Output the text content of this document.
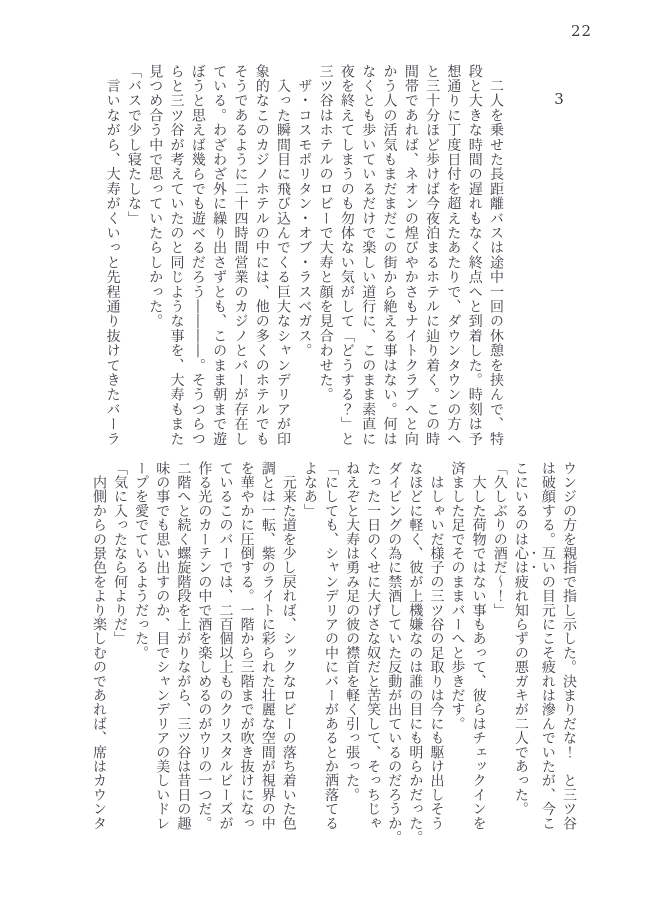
22
3

　二人を乗せた長距離バスは途中一回の休憩を挟んで、特

段と大きな時間の遅れもなく終点へと到着した。時刻は予

想通りに丁度日付を超えたあたりで、ダウンタウンの方へ

と三十分ほど歩けば今夜泊まるホテルに辿り着く。この時

間帯であれば、ネオンの煌びやかさもナイトクラブへと向

かう人の活気もまだまだこの街から絶える事はない。何は

なくとも歩いているだけで楽しい道行に、このまま素直に

夜を終えてしまうのも勿体ない気がして「どうする？」と

三ツ谷はホテルのロビーで大寿と顔を見合わせた。

　ザ・コスモポリタン・オブ・ラスベガス。

　入った瞬間目に飛び込んでくる巨大なシャンデリアが印

象的なこのカジノホテルの中には、他の多くのホテルでも

そうであるように二十四時間営業のカジノとバーが存在し

ている。わざわざ外に繰り出さずとも、このまま朝まで遊

ぼうと思えば幾らでも遊べるだろう――――。そうつらつ

らと三ツ谷が考えていたのと同じような事を、大寿もまた

見つめ合う中で思っていたらしかった。

「バスで少し寝たしな」

　言いながら、大寿がくいっと先程通り抜けてきたバーラ

ウンジの方を親指で指し示した。決まりだな！　と三ツ谷

は破顔する。互いの目元にこそ疲れは滲んでいたが、今こ

こにいるのは心は疲れ知らずの悪ガキが二人であった。

「久しぶりの酒だ〜！」

　大した荷物ではない事もあって、彼らはチェックインを

済ました足でそのままバーへと歩きだす。

　はしゃいだ様子の三ツ谷の足取りは今にも駆け出しそう

なほどに軽く、彼が上機嫌なのは誰の目にも明らかだった。

ダイビングの為に禁酒していた反動が出ているのだろうか。

たった一日のくせに大げさな奴だと苦笑して、そっちじゃ

ねえぞと大寿は勇み足の彼の襟首を軽く引っ張った。

「にしても、シャンデリアの中にバーがあるとか洒落てる

よなあ」

　元来た道を少し戻れば、シックなロビーの落ち着いた色

調とは一転、紫のライトに彩られた壮麗な空間が視界の中

を華やかに圧倒する。一階から三階までが吹き抜けになっ

ているこのバーでは、二百個以上ものクリスタルビーズが

作る光のカーテンの中で酒を楽しめるのがウリの一つだ。

二階へと続く螺旋階段を上がりながら、三ツ谷は昔日の趣

味の事でも思い出すのか、目でシャンデリアの美しいドレ

ープを愛でているようだった。

「気に入ったなら何よりだ」

　内側からの景色をより楽しむのであれば、席はカウンタ
